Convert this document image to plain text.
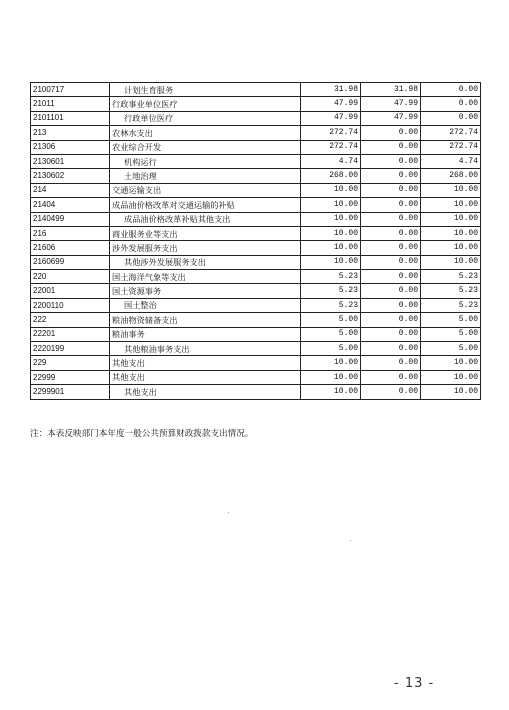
2100717	计划生育服务	31.98	31.98	0.00
21011	行政事业单位医疗	47.99	47.99	0.00
2101101	行政单位医疗	47.99	47.99	0.00
213	农林水支出	272.74	0.00	272.74
21306	农业综合开发	272.74	0.00	272.74
2130601	机构运行	4.74	0.00	4.74
2130602	土地治理	268.00	0.00	268.00
214	交通运输支出	10.00	0.00	10.00
21404	成品油价格改革对交通运输的补贴	10.00	0.00	10.00
2140499	成品油价格改革补贴其他支出	10.00	0.00	10.00
216	商业服务业等支出	10.00	0.00	10.00
21606	涉外发展服务支出	10.00	0.00	10.00
2160699	其他涉外发展服务支出	10.00	0.00	10.00
220	国土海洋气象等支出	5.23	0.00	5.23
22001	国土资源事务	5.23	0.00	5.23
2200110	国土整治	5.23	0.00	5.23
222	粮油物资储备支出	5.00	0.00	5.00
22201	粮油事务	5.00	0.00	5.00
2220199	其他粮油事务支出	5.00	0.00	5.00
229	其他支出	10.00	0.00	10.00
22999	其他支出	10.00	0.00	10.00
2299901	其他支出	10.00	0.00	10.00
注：本表反映部门本年度一般公共预算财政拨款支出情况。
- 13 -
